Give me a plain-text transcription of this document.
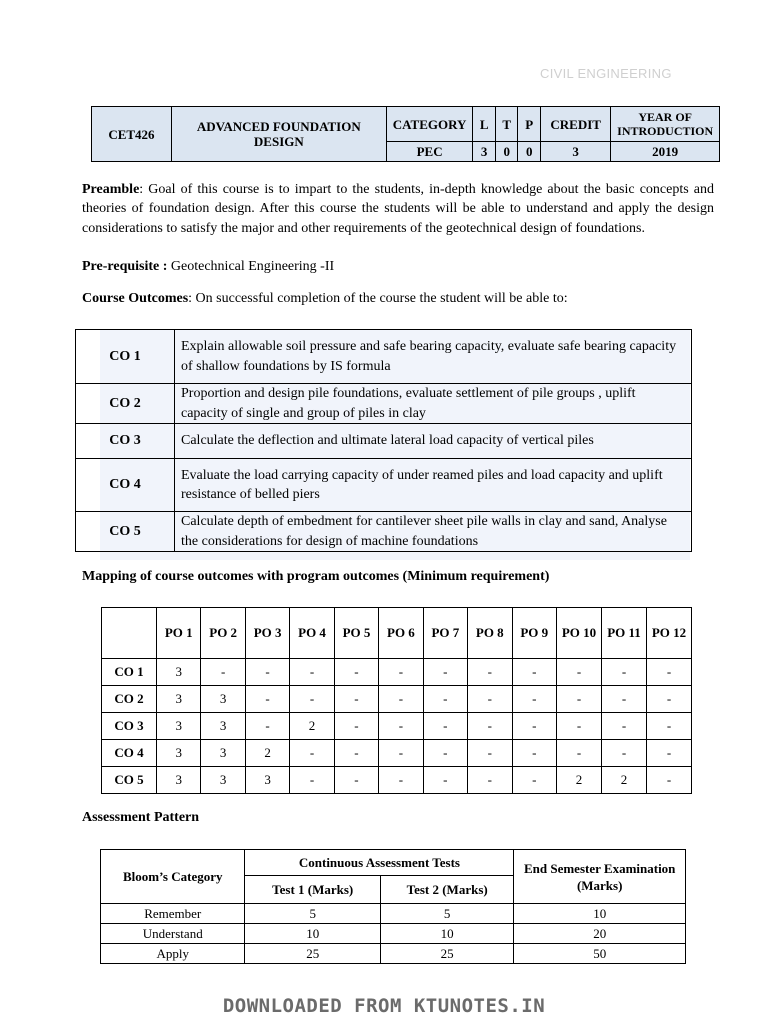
CIVIL ENGINEERING
CET426	ADVANCED FOUNDATION DESIGN	CATEGORY	L	T	P	CREDIT	YEAR OF INTRODUCTION
		PEC	3	0	0	3	2019
Preamble: Goal of this course is to impart to the students, in-depth knowledge about the basic concepts and theories of foundation design. After this course the students will be able to understand and apply the design considerations to satisfy the major and other requirements of the geotechnical design of foundations.
Pre-requisite : Geotechnical Engineering -II
Course Outcomes: On successful completion of the course the student will be able to:
CO 1	Explain allowable soil pressure and safe bearing capacity, evaluate safe bearing capacity of shallow foundations by IS formula
CO 2	Proportion and design pile foundations, evaluate settlement of pile groups , uplift capacity of single and group of piles in clay
CO 3	Calculate the deflection and ultimate lateral load capacity of vertical piles
CO 4	Evaluate the load carrying capacity of under reamed piles and load capacity and uplift resistance of belled piers
CO 5	Calculate depth of embedment for cantilever sheet pile walls in clay and sand, Analyse the considerations for design of machine foundations
Mapping of course outcomes with program outcomes (Minimum requirement)
	PO 1	PO 2	PO 3	PO 4	PO 5	PO 6	PO 7	PO 8	PO 9	PO 10	PO 11	PO 12
CO 1	3	-	-	-	-	-	-	-	-	-	-	-
CO 2	3	3	-	-	-	-	-	-	-	-	-	-
CO 3	3	3	-	2	-	-	-	-	-	-	-	-
CO 4	3	3	2	-	-	-	-	-	-	-	-	-
CO 5	3	3	3	-	-	-	-	-	-	2	2	-
Assessment Pattern
Bloom’s Category	Continuous Assessment Tests		End Semester Examination (Marks)
	Test 1 (Marks)	Test 2 (Marks)	
Remember	5	5	10
Understand	10	10	20
Apply	25	25	50
DOWNLOADED FROM KTUNOTES.IN
